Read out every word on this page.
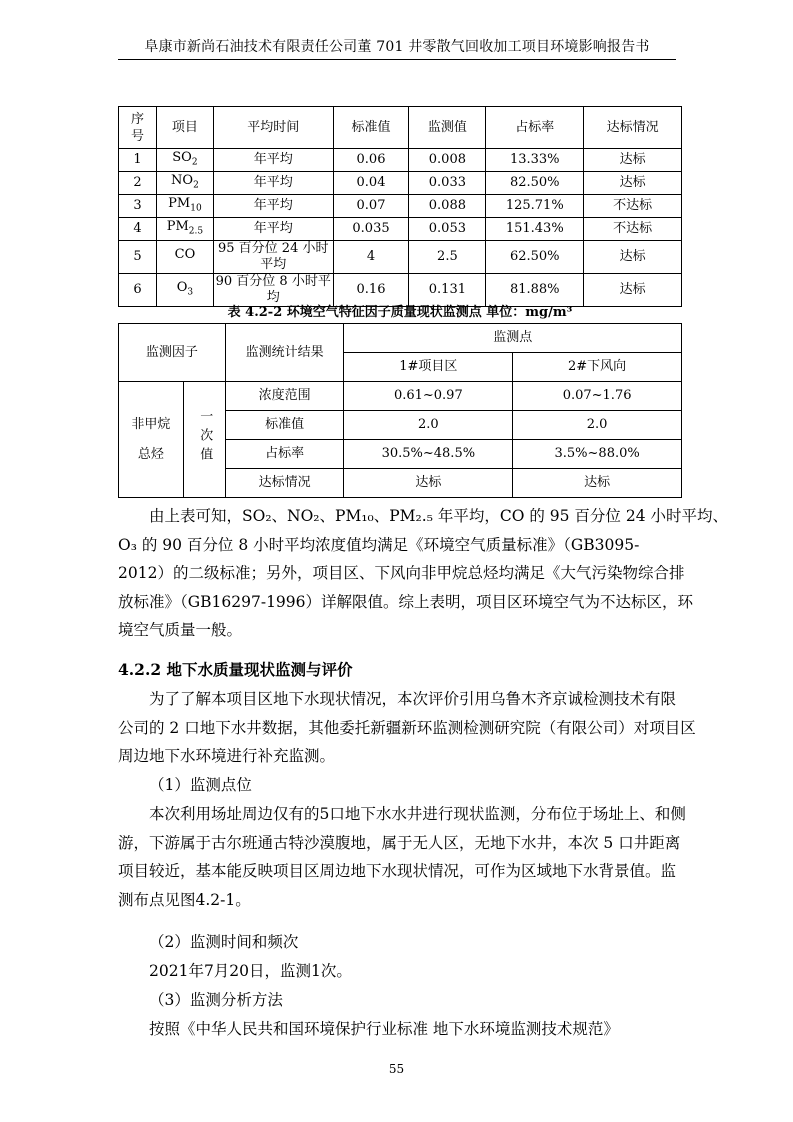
阜康市新尚石油技术有限责任公司董 701 井零散气回收加工项目环境影响报告书
序号	项目	平均时间	标准值	监测值	占标率	达标情况
1	$SO_2$	年平均	0.06	0.008	13.33%	达标
2	$NO_2$	年平均	0.04	0.033	82.50%	达标
3	$PM_{10}$	年平均	0.07	0.088	125.71%	不达标
4	$PM_{2.5}$	年平均	0.035	0.053	151.43%	不达标
5	CO	95 百分位 24 小时平均	4	2.5	62.50%	达标
6	$O_3$	90 百分位 8 小时平均	0.16	0.131	81.88%	达标
表 4.2-2 环境空气特征因子质量现状监测点 单位：mg/m³
监测因子		监测统计结果	监测点	
			1#项目区	2#下风向
非甲烷
总烃	一次值	浓度范围	0.61~0.97	0.07~1.76
		标准值	2.0	2.0
		占标率	30.5%~48.5%	3.5%~88.0%
		达标情况	达标	达标
由上表可知，SO₂、NO₂、PM₁₀、PM₂.₅ 年平均，CO 的 95 百分位 24 小时平均、
O₃ 的 90 百分位 8 小时平均浓度值均满足《环境空气质量标准》（GB3095-
2012）的二级标准；另外，项目区、下风向非甲烷总烃均满足《大气污染物综合排
放标准》（GB16297-1996）详解限值。综上表明，项目区环境空气为不达标区，环
境空气质量一般。
4.2.2 地下水质量现状监测与评价
为了了解本项目区地下水现状情况，本次评价引用乌鲁木齐京诚检测技术有限
公司的 2 口地下水井数据，其他委托新疆新环监测检测研究院（有限公司）对项目区
周边地下水环境进行补充监测。
（1）监测点位
本次利用场址周边仅有的5口地下水水井进行现状监测，分布位于场址上、和侧
游，下游属于古尔班通古特沙漠腹地，属于无人区，无地下水井，本次 5 口井距离
项目较近，基本能反映项目区周边地下水现状情况，可作为区域地下水背景值。监
测布点见图4.2-1。
（2）监测时间和频次
2021年7月20日，监测1次。
（3）监测分析方法
按照《中华人民共和国环境保护行业标准 地下水环境监测技术规范》
55
